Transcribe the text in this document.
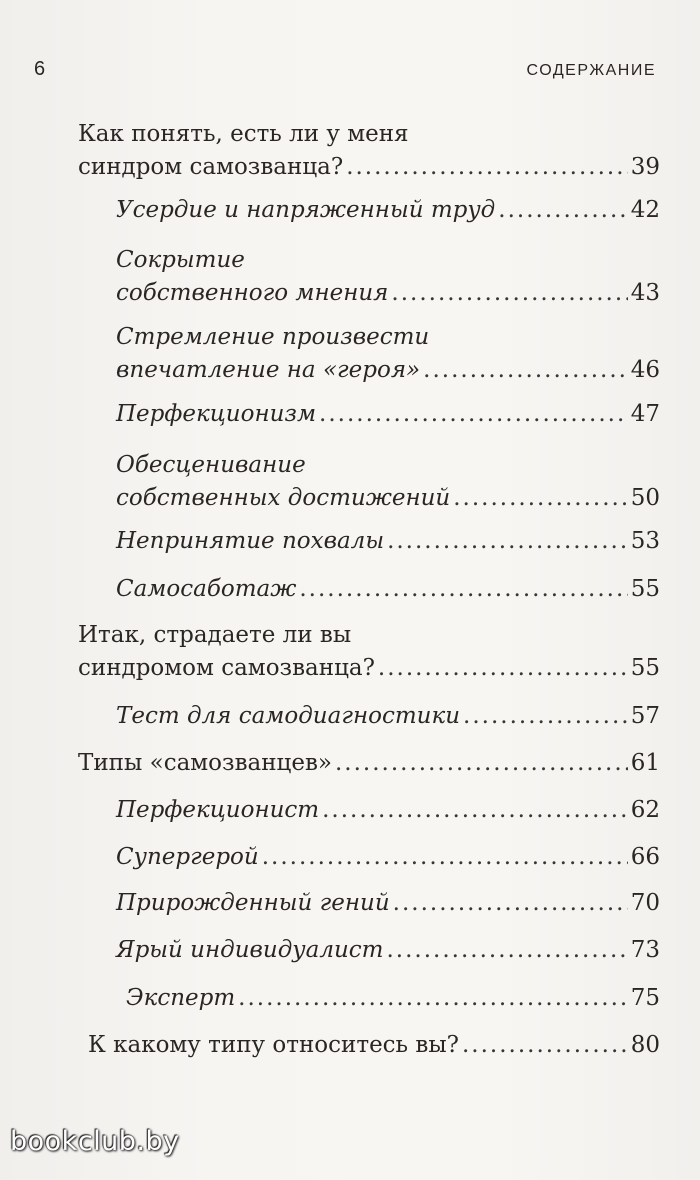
6	СОДЕРЖАНИЕ
Как понять, есть ли у меня
синдром самозванца? .....	39
Усердие и напряженный труд .....	42
Сокрытие
собственного мнения .....	43
Стремление произвести
впечатление на «героя» .....	46
Перфекционизм .....	47
Обесценивание
собственных достижений .....	50
Непринятие похвалы .....	53
Самосаботаж .....	55
Итак, страдаете ли вы
синдромом самозванца? .....	55
Тест для самодиагностики .....	57
Типы «самозванцев» .....	61
Перфекционист .....	62
Супергерой .....	66
Прирожденный гений .....	70
Ярый индивидуалист .....	73
Эксперт .....	75
К какому типу относитесь вы? .....	80
bookclub.by
